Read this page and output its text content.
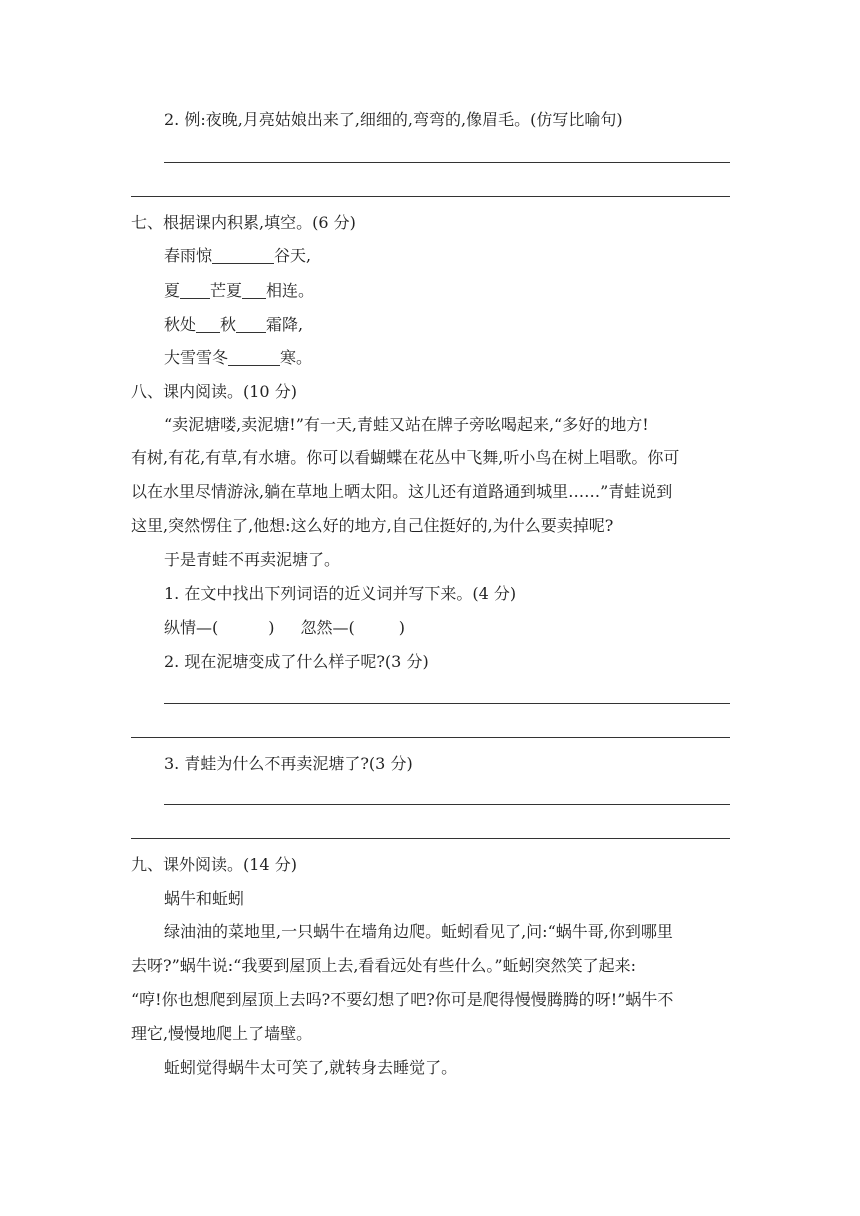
2. 例:夜晚,月亮姑娘出来了,细细的,弯弯的,像眉毛。(仿写比喻句)
七、根据课内积累,填空。(6 分)
春雨惊	谷天,
夏 芒夏 相连。
秋处 秋 霜降,
大雪雪冬	寒。
八、课内阅读。(10 分)
“卖泥塘喽,卖泥塘!”有一天,青蛙又站在牌子旁吆喝起来,“多好的地方!
有树,有花,有草,有水塘。你可以看蝴蝶在花丛中飞舞,听小鸟在树上唱歌。你可
以在水里尽情游泳,躺在草地上晒太阳。这儿还有道路通到城里……”青蛙说到
这里,突然愣住了,他想:这么好的地方,自己住挺好的,为什么要卖掉呢?
于是青蛙不再卖泥塘了。
1. 在文中找出下列词语的近义词并写下来。(4 分)
纵情—(	) 忽然—(	)
2. 现在泥塘变成了什么样子呢?(3 分)
3. 青蛙为什么不再卖泥塘了?(3 分)
九、课外阅读。(14 分)
蜗牛和蚯蚓
绿油油的菜地里,一只蜗牛在墙角边爬。蚯蚓看见了,问:“蜗牛哥,你到哪里
去呀?”蜗牛说:“我要到屋顶上去,看看远处有些什么。”蚯蚓突然笑了起来:
“哼!你也想爬到屋顶上去吗?不要幻想了吧?你可是爬得慢慢腾腾的呀!”蜗牛不
理它,慢慢地爬上了墙壁。
蚯蚓觉得蜗牛太可笑了,就转身去睡觉了。
